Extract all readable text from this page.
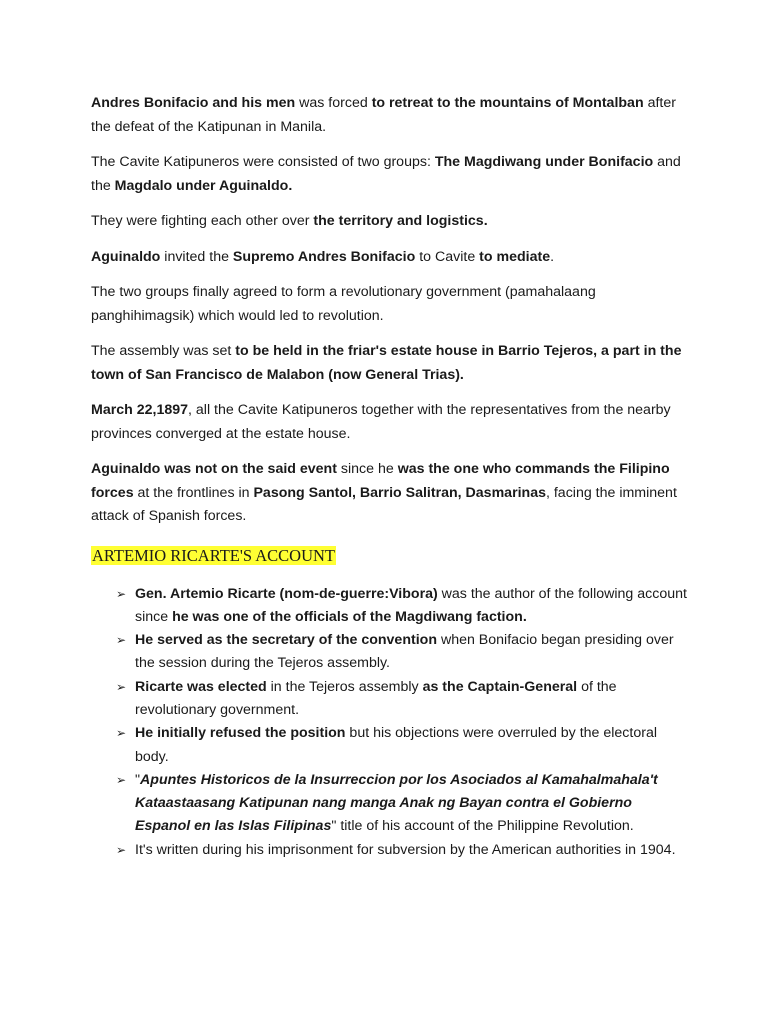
Andres Bonifacio and his men was forced to retreat to the mountains of Montalban after the defeat of the Katipunan in Manila.

The Cavite Katipuneros were consisted of two groups: The Magdiwang under Bonifacio and the Magdalo under Aguinaldo.

They were fighting each other over the territory and logistics.

Aguinaldo invited the Supremo Andres Bonifacio to Cavite to mediate.

The two groups finally agreed to form a revolutionary government (pamahalaang panghihimagsik) which would led to revolution.

The assembly was set to be held in the friar's estate house in Barrio Tejeros, a part in the town of San Francisco de Malabon (now General Trias).

March 22,1897, all the Cavite Katipuneros together with the representatives from the nearby provinces converged at the estate house.

Aguinaldo was not on the said event since he was the one who commands the Filipino forces at the frontlines in Pasong Santol, Barrio Salitran, Dasmarinas, facing the imminent attack of Spanish forces.

ARTEMIO RICARTE'S ACCOUNT
➢ Gen. Artemio Ricarte (nom-de-guerre:Vibora) was the author of the following account since he was one of the officials of the Magdiwang faction.
➢ He served as the secretary of the convention when Bonifacio began presiding over the session during the Tejeros assembly.
➢ Ricarte was elected in the Tejeros assembly as the Captain-General of the revolutionary government.
➢ He initially refused the position but his objections were overruled by the electoral body.
➢ "Apuntes Historicos de la Insurreccion por los Asociados al Kamahalmahala't Kataastaasang Katipunan nang manga Anak ng Bayan contra el Gobierno Espanol en las Islas Filipinas" title of his account of the Philippine Revolution.
➢ It's written during his imprisonment for subversion by the American authorities in 1904.
